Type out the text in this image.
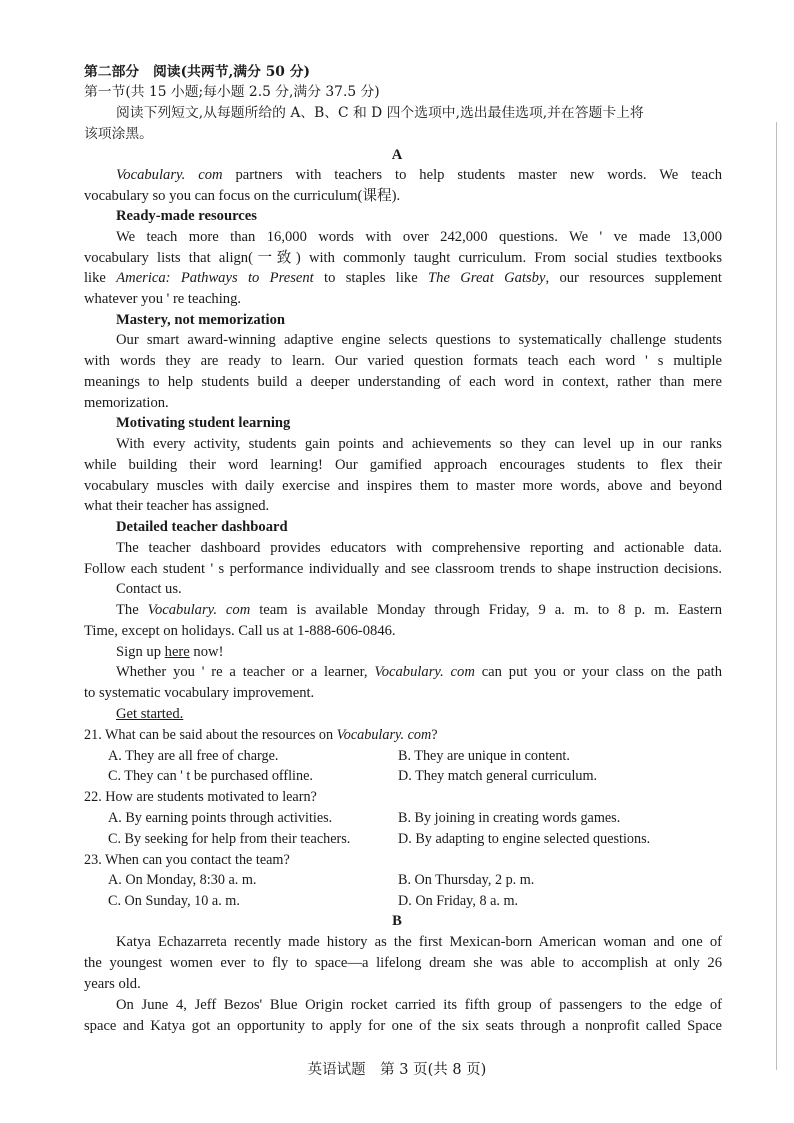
第二部分　阅读(共两节,满分 50 分)
第一节(共 15 小题;每小题 2.5 分,满分 37.5 分)
阅读下列短文,从每题所给的 A、B、C 和 D 四个选项中,选出最佳选项,并在答题卡上将
该项涂黑。
A
Vocabulary. com partners with teachers to help students master new words. We teach
vocabulary so you can focus on the curriculum(课程).
Ready-made resources
We teach more than 16,000 words with over 242,000 questions. We ' ve made 13,000
vocabulary lists that align(一致) with commonly taught curriculum. From social studies textbooks
like America: Pathways to Present to staples like The Great Gatsby, our resources supplement
whatever you ' re teaching.
Mastery, not memorization
Our smart award-winning adaptive engine selects questions to systematically challenge students
with words they are ready to learn. Our varied question formats teach each word ' s multiple
meanings to help students build a deeper understanding of each word in context, rather than mere
memorization.
Motivating student learning
With every activity, students gain points and achievements so they can level up in our ranks
while building their word learning! Our gamified approach encourages students to flex their
vocabulary muscles with daily exercise and inspires them to master more words, above and beyond
what their teacher has assigned.
Detailed teacher dashboard
The teacher dashboard provides educators with comprehensive reporting and actionable data.
Follow each student ' s performance individually and see classroom trends to shape instruction decisions.
Contact us.
The Vocabulary. com team is available Monday through Friday, 9 a. m. to 8 p. m. Eastern
Time, except on holidays. Call us at 1-888-606-0846.
Sign up here now!
Whether you ' re a teacher or a learner, Vocabulary. com can put you or your class on the path
to systematic vocabulary improvement.
Get started.
21. What can be said about the resources on Vocabulary. com?
A. They are all free of charge.	B. They are unique in content.
C. They can ' t be purchased offline.	D. They match general curriculum.
22. How are students motivated to learn?
A. By earning points through activities.	B. By joining in creating words games.
C. By seeking for help from their teachers.	D. By adapting to engine selected questions.
23. When can you contact the team?
A. On Monday, 8:30 a. m.	B. On Thursday, 2 p. m.
C. On Sunday, 10 a. m.	D. On Friday, 8 a. m.
B
Katya Echazarreta recently made history as the first Mexican-born American woman and one of
the youngest women ever to fly to space—a lifelong dream she was able to accomplish at only 26
years old.
On June 4, Jeff Bezos' Blue Origin rocket carried its fifth group of passengers to the edge of
space and Katya got an opportunity to apply for one of the six seats through a nonprofit called Space
英语试题　第 3 页(共 8 页)
